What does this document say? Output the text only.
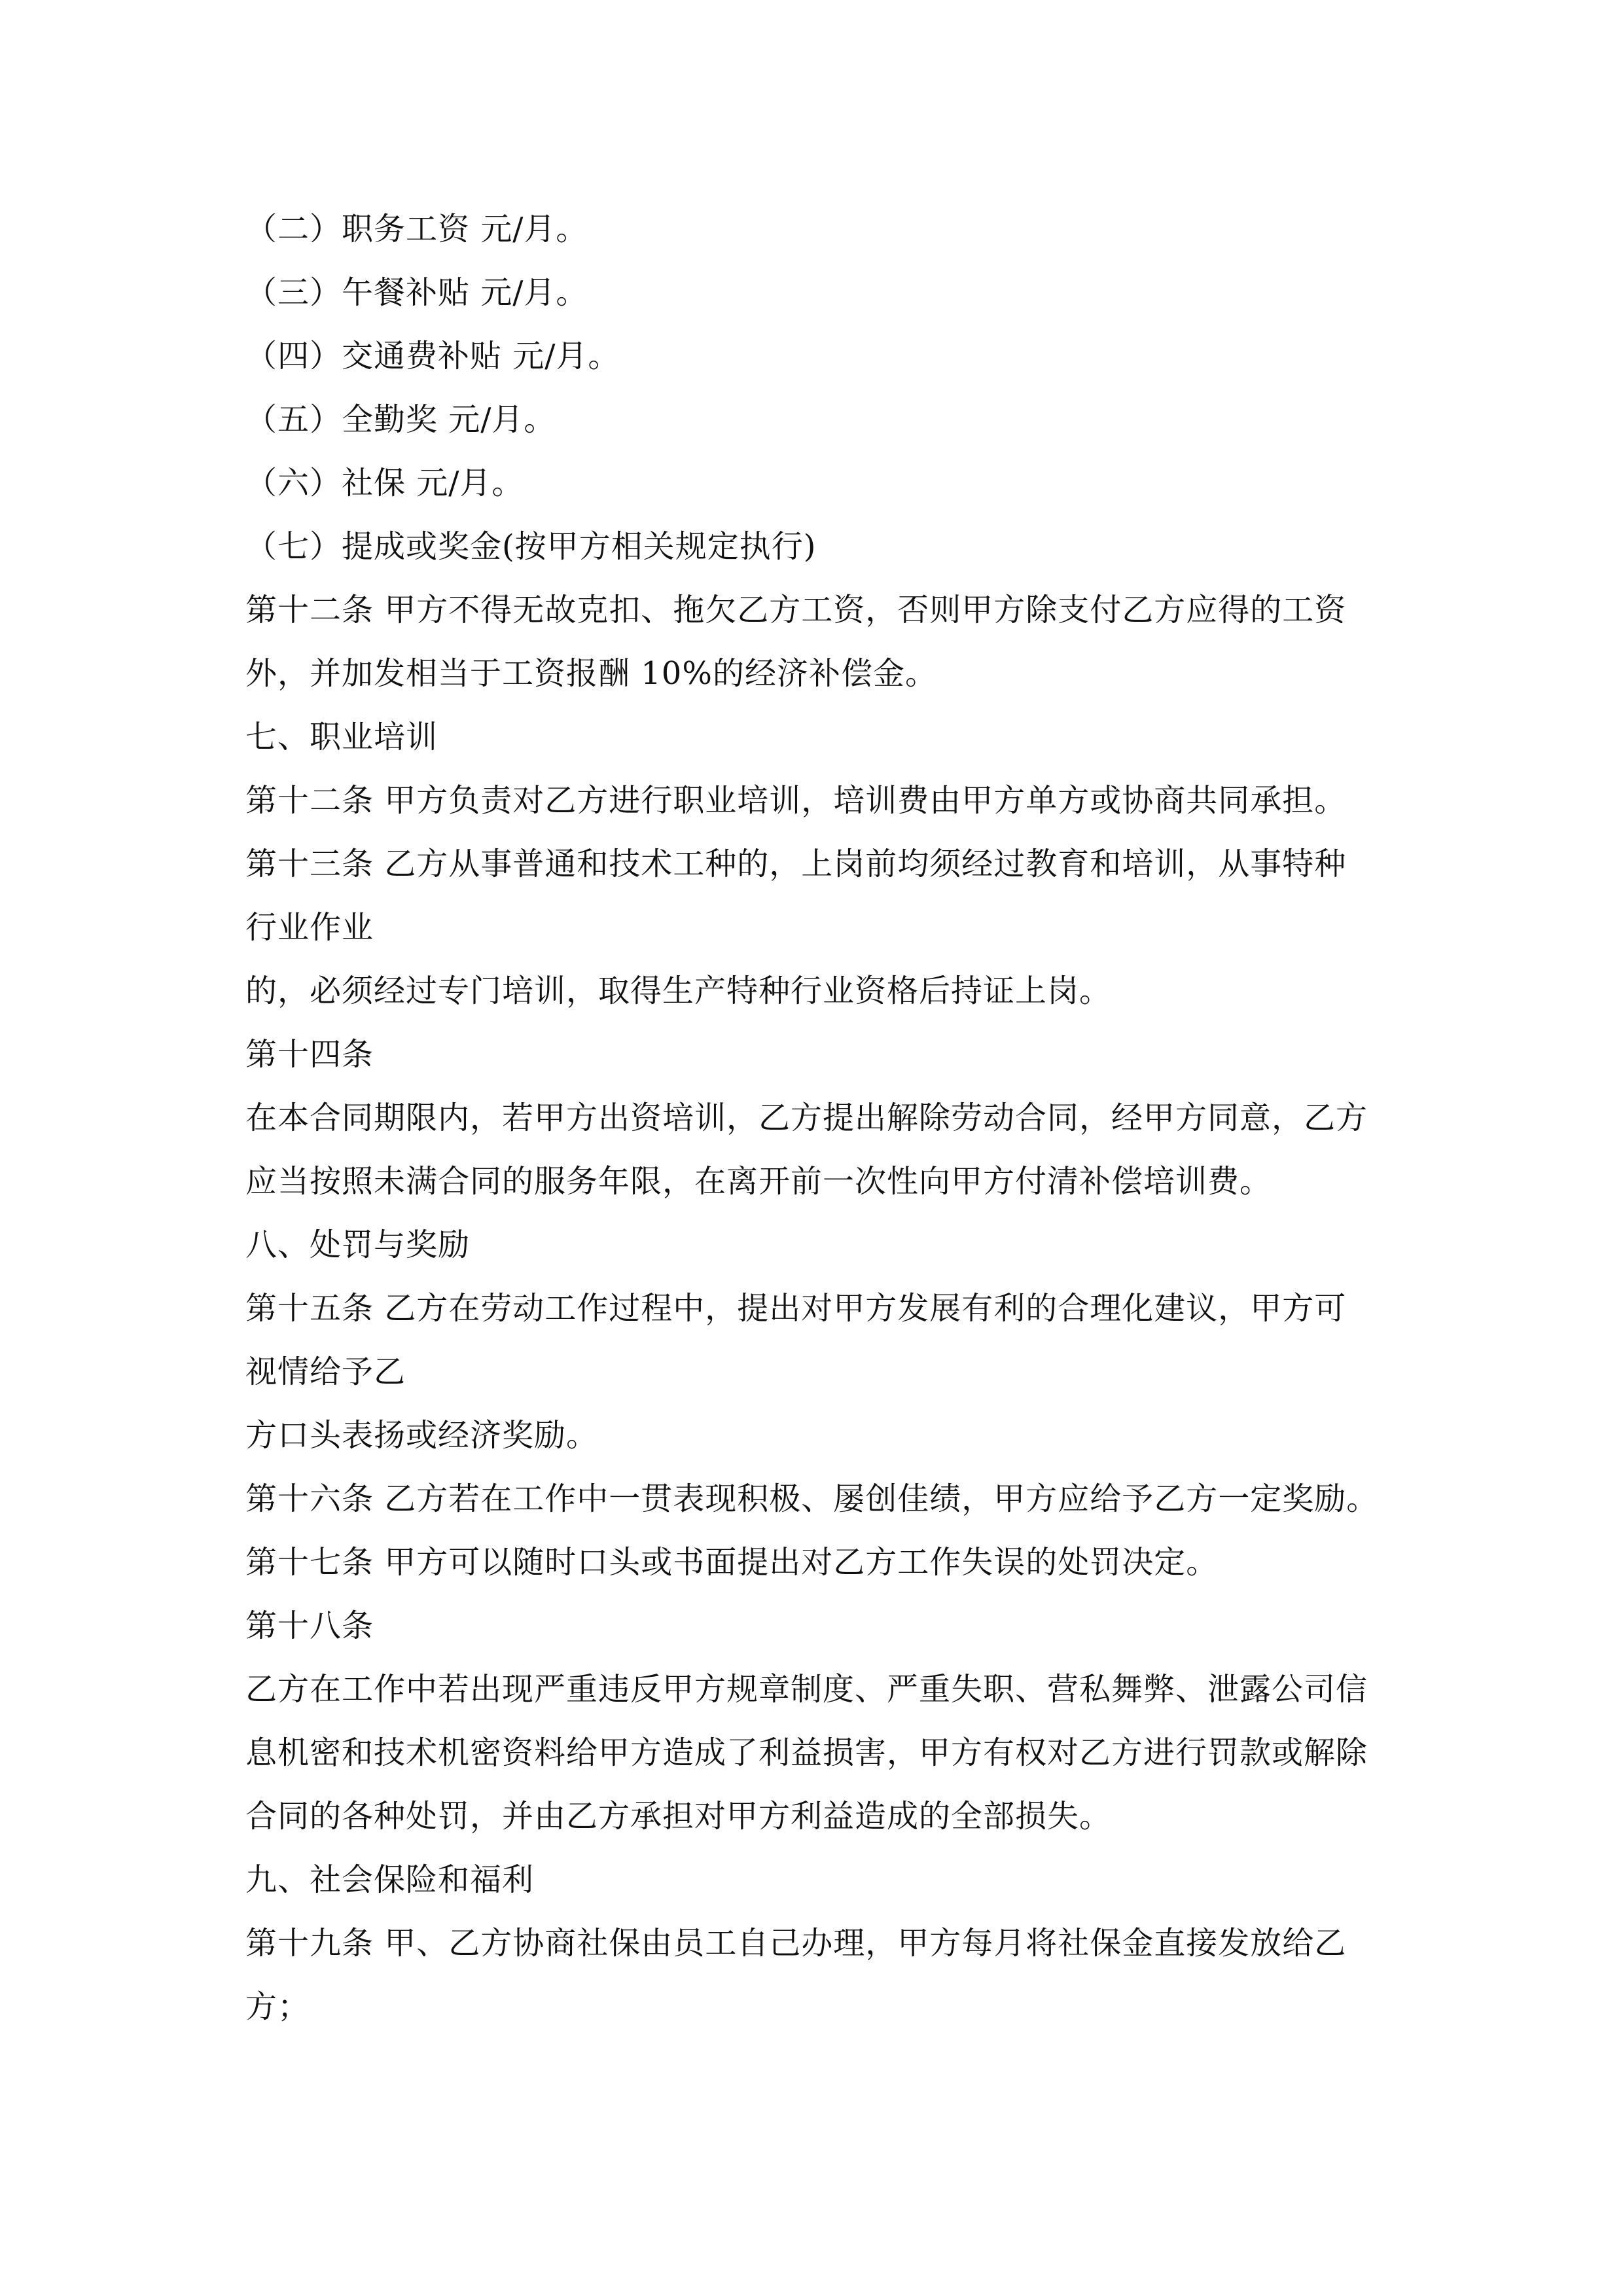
（二）职务工资 元/月。

（三）午餐补贴 元/月。

（四）交通费补贴 元/月。

（五）全勤奖 元/月。

（六）社保 元/月。

（七）提成或奖金(按甲方相关规定执行)

第十二条 甲方不得无故克扣、拖欠乙方工资，否则甲方除支付乙方应得的工资

外，并加发相当于工资报酬 10%的经济补偿金。

七、职业培训

第十二条 甲方负责对乙方进行职业培训，培训费由甲方单方或协商共同承担。

第十三条 乙方从事普通和技术工种的，上岗前均须经过教育和培训，从事特种

行业作业

的，必须经过专门培训，取得生产特种行业资格后持证上岗。

第十四条

在本合同期限内，若甲方出资培训，乙方提出解除劳动合同，经甲方同意，乙方

应当按照未满合同的服务年限，在离开前一次性向甲方付清补偿培训费。

八、处罚与奖励

第十五条 乙方在劳动工作过程中，提出对甲方发展有利的合理化建议，甲方可

视情给予乙

方口头表扬或经济奖励。

第十六条 乙方若在工作中一贯表现积极、屡创佳绩，甲方应给予乙方一定奖励。

第十七条 甲方可以随时口头或书面提出对乙方工作失误的处罚决定。

第十八条

乙方在工作中若出现严重违反甲方规章制度、严重失职、营私舞弊、泄露公司信

息机密和技术机密资料给甲方造成了利益损害，甲方有权对乙方进行罚款或解除

合同的各种处罚，并由乙方承担对甲方利益造成的全部损失。

九、社会保险和福利

第十九条 甲、乙方协商社保由员工自己办理，甲方每月将社保金直接发放给乙

方；
